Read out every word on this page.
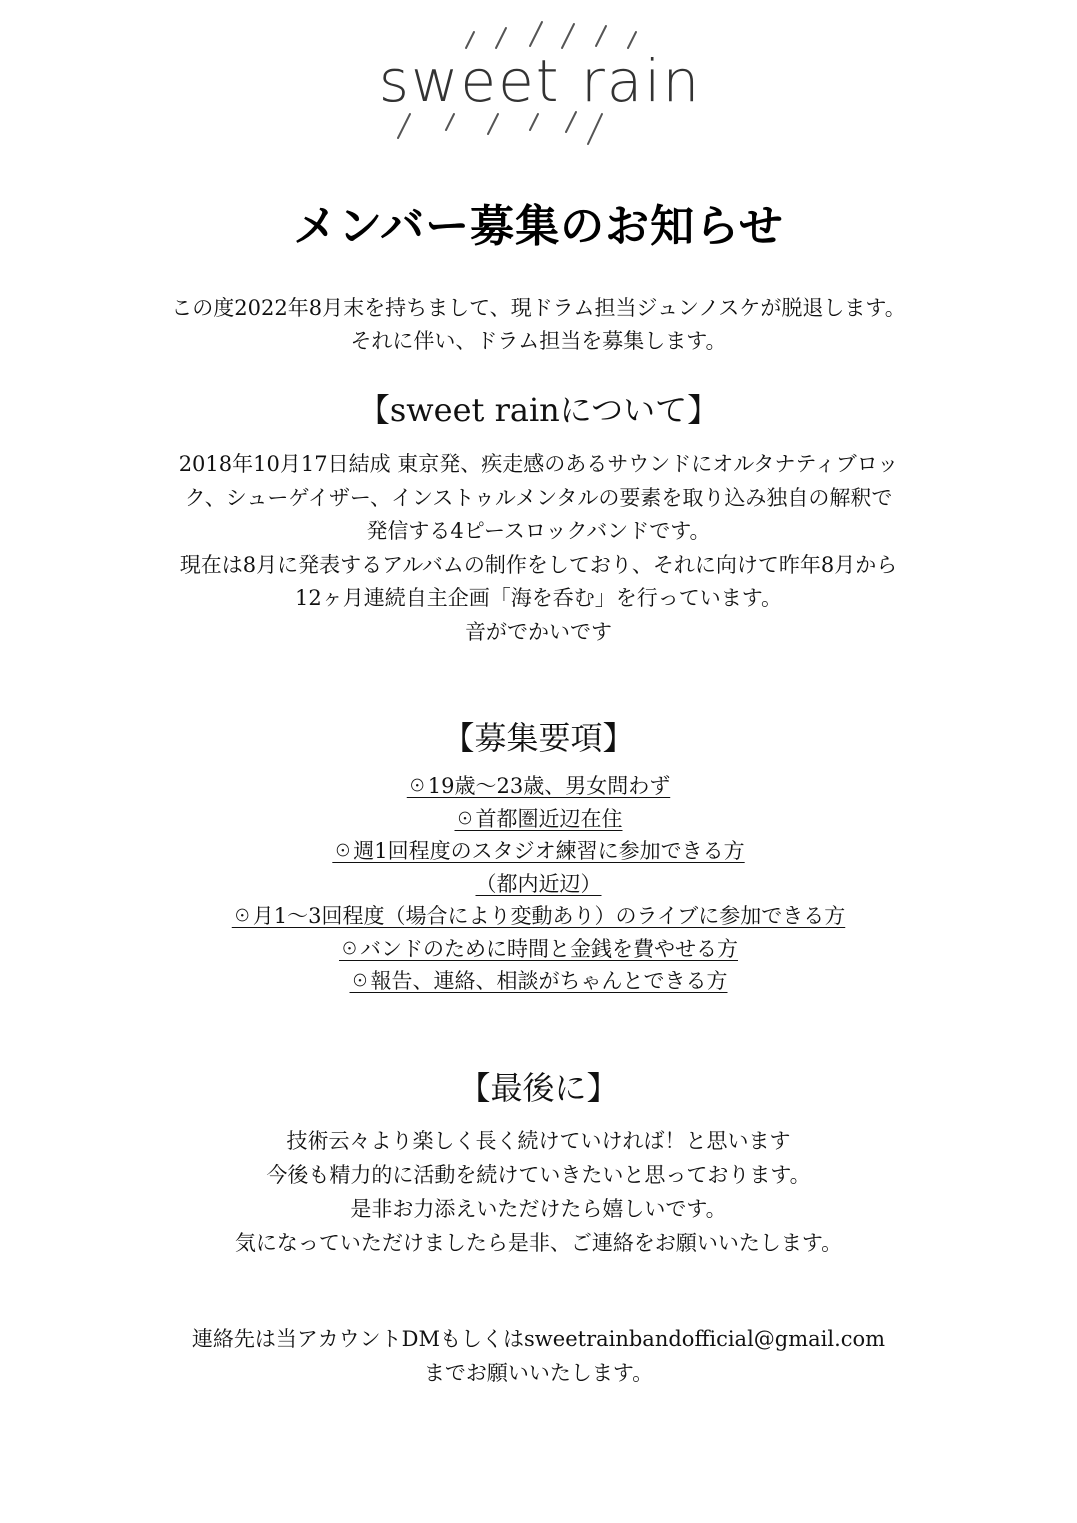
sweet rain
メンバー募集のお知らせ

この度2022年8月末を持ちまして、現ドラム担当ジュンノスケが脱退します。

それに伴い、ドラム担当を募集します。

【sweet rainについて】

2018年10月17日結成 東京発、疾走感のあるサウンドにオルタナティブロッ

ク、シューゲイザー、インストゥルメンタルの要素を取り込み独自の解釈で

発信する4ピースロックバンドです。

現在は8月に発表するアルバムの制作をしており、それに向けて昨年8月から

12ヶ月連続自主企画「海を呑む」を行っています。

音がでかいです

【募集要項】
☉19歳〜23歳、男女問わず
☉首都圏近辺在住
☉週1回程度のスタジオ練習に参加できる方
（都内近辺）
☉月1〜3回程度（場合により変動あり）のライブに参加できる方
☉バンドのために時間と金銭を費やせる方
☉報告、連絡、相談がちゃんとできる方
【最後に】

技術云々より楽しく長く続けていければ！と思います

今後も精力的に活動を続けていきたいと思っております。

是非お力添えいただけたら嬉しいです。

気になっていただけましたら是非、ご連絡をお願いいたします。

連絡先は当アカウントDMもしくはsweetrainbandofficial@gmail.com

までお願いいたします。
